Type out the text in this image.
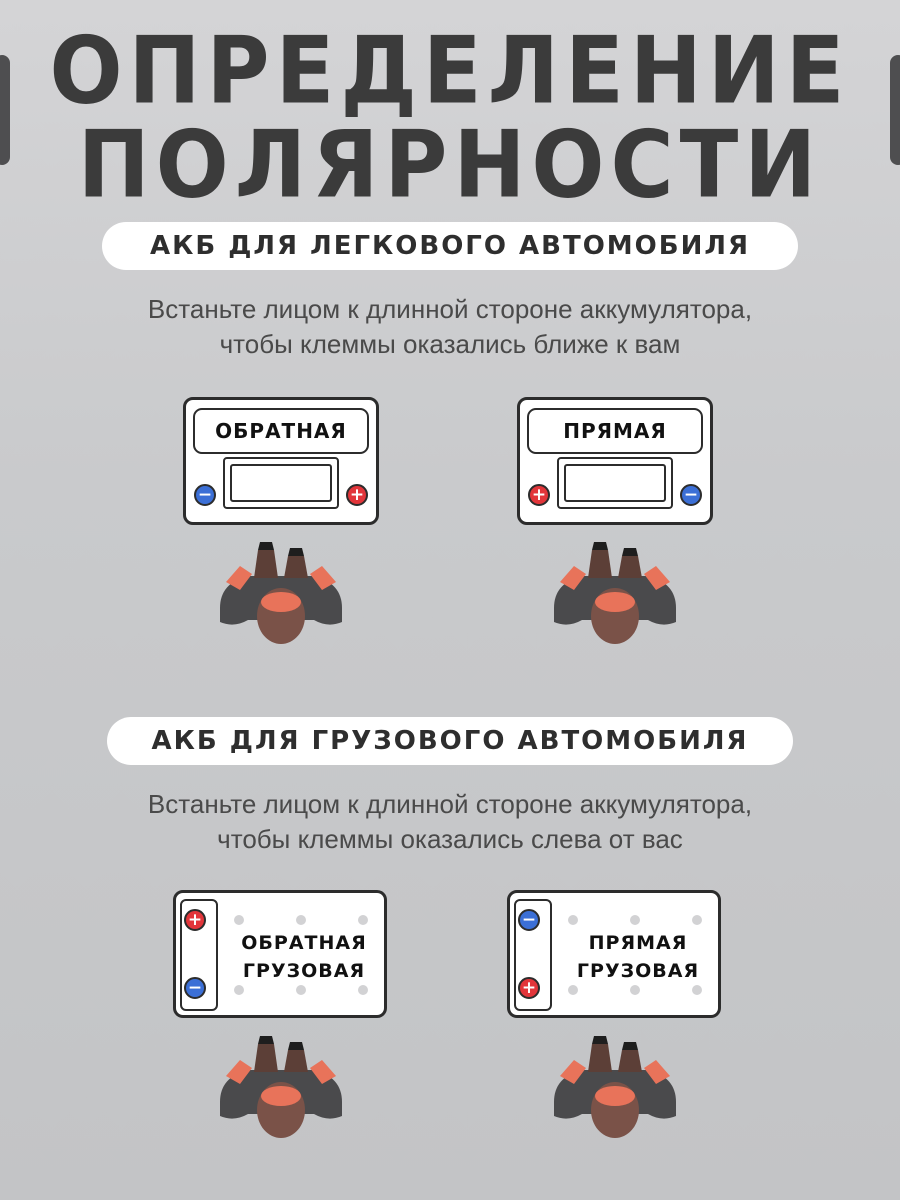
ОПРЕДЕЛЕНИЕ
ПОЛЯРНОСТИ
АКБ ДЛЯ ЛЕГКОВОГО АВТОМОБИЛЯ
Встаньте лицом к длинной стороне аккумулятора,
чтобы клеммы оказались ближе к вам
ОБРАТНАЯ
−	+
ПРЯМАЯ
+	−
АКБ ДЛЯ ГРУЗОВОГО АВТОМОБИЛЯ
Встаньте лицом к длинной стороне аккумулятора,
чтобы клеммы оказались слева от вас
+
−
ОБРАТНАЯ
ГРУЗОВАЯ
−
+
ПРЯМАЯ
ГРУЗОВАЯ
